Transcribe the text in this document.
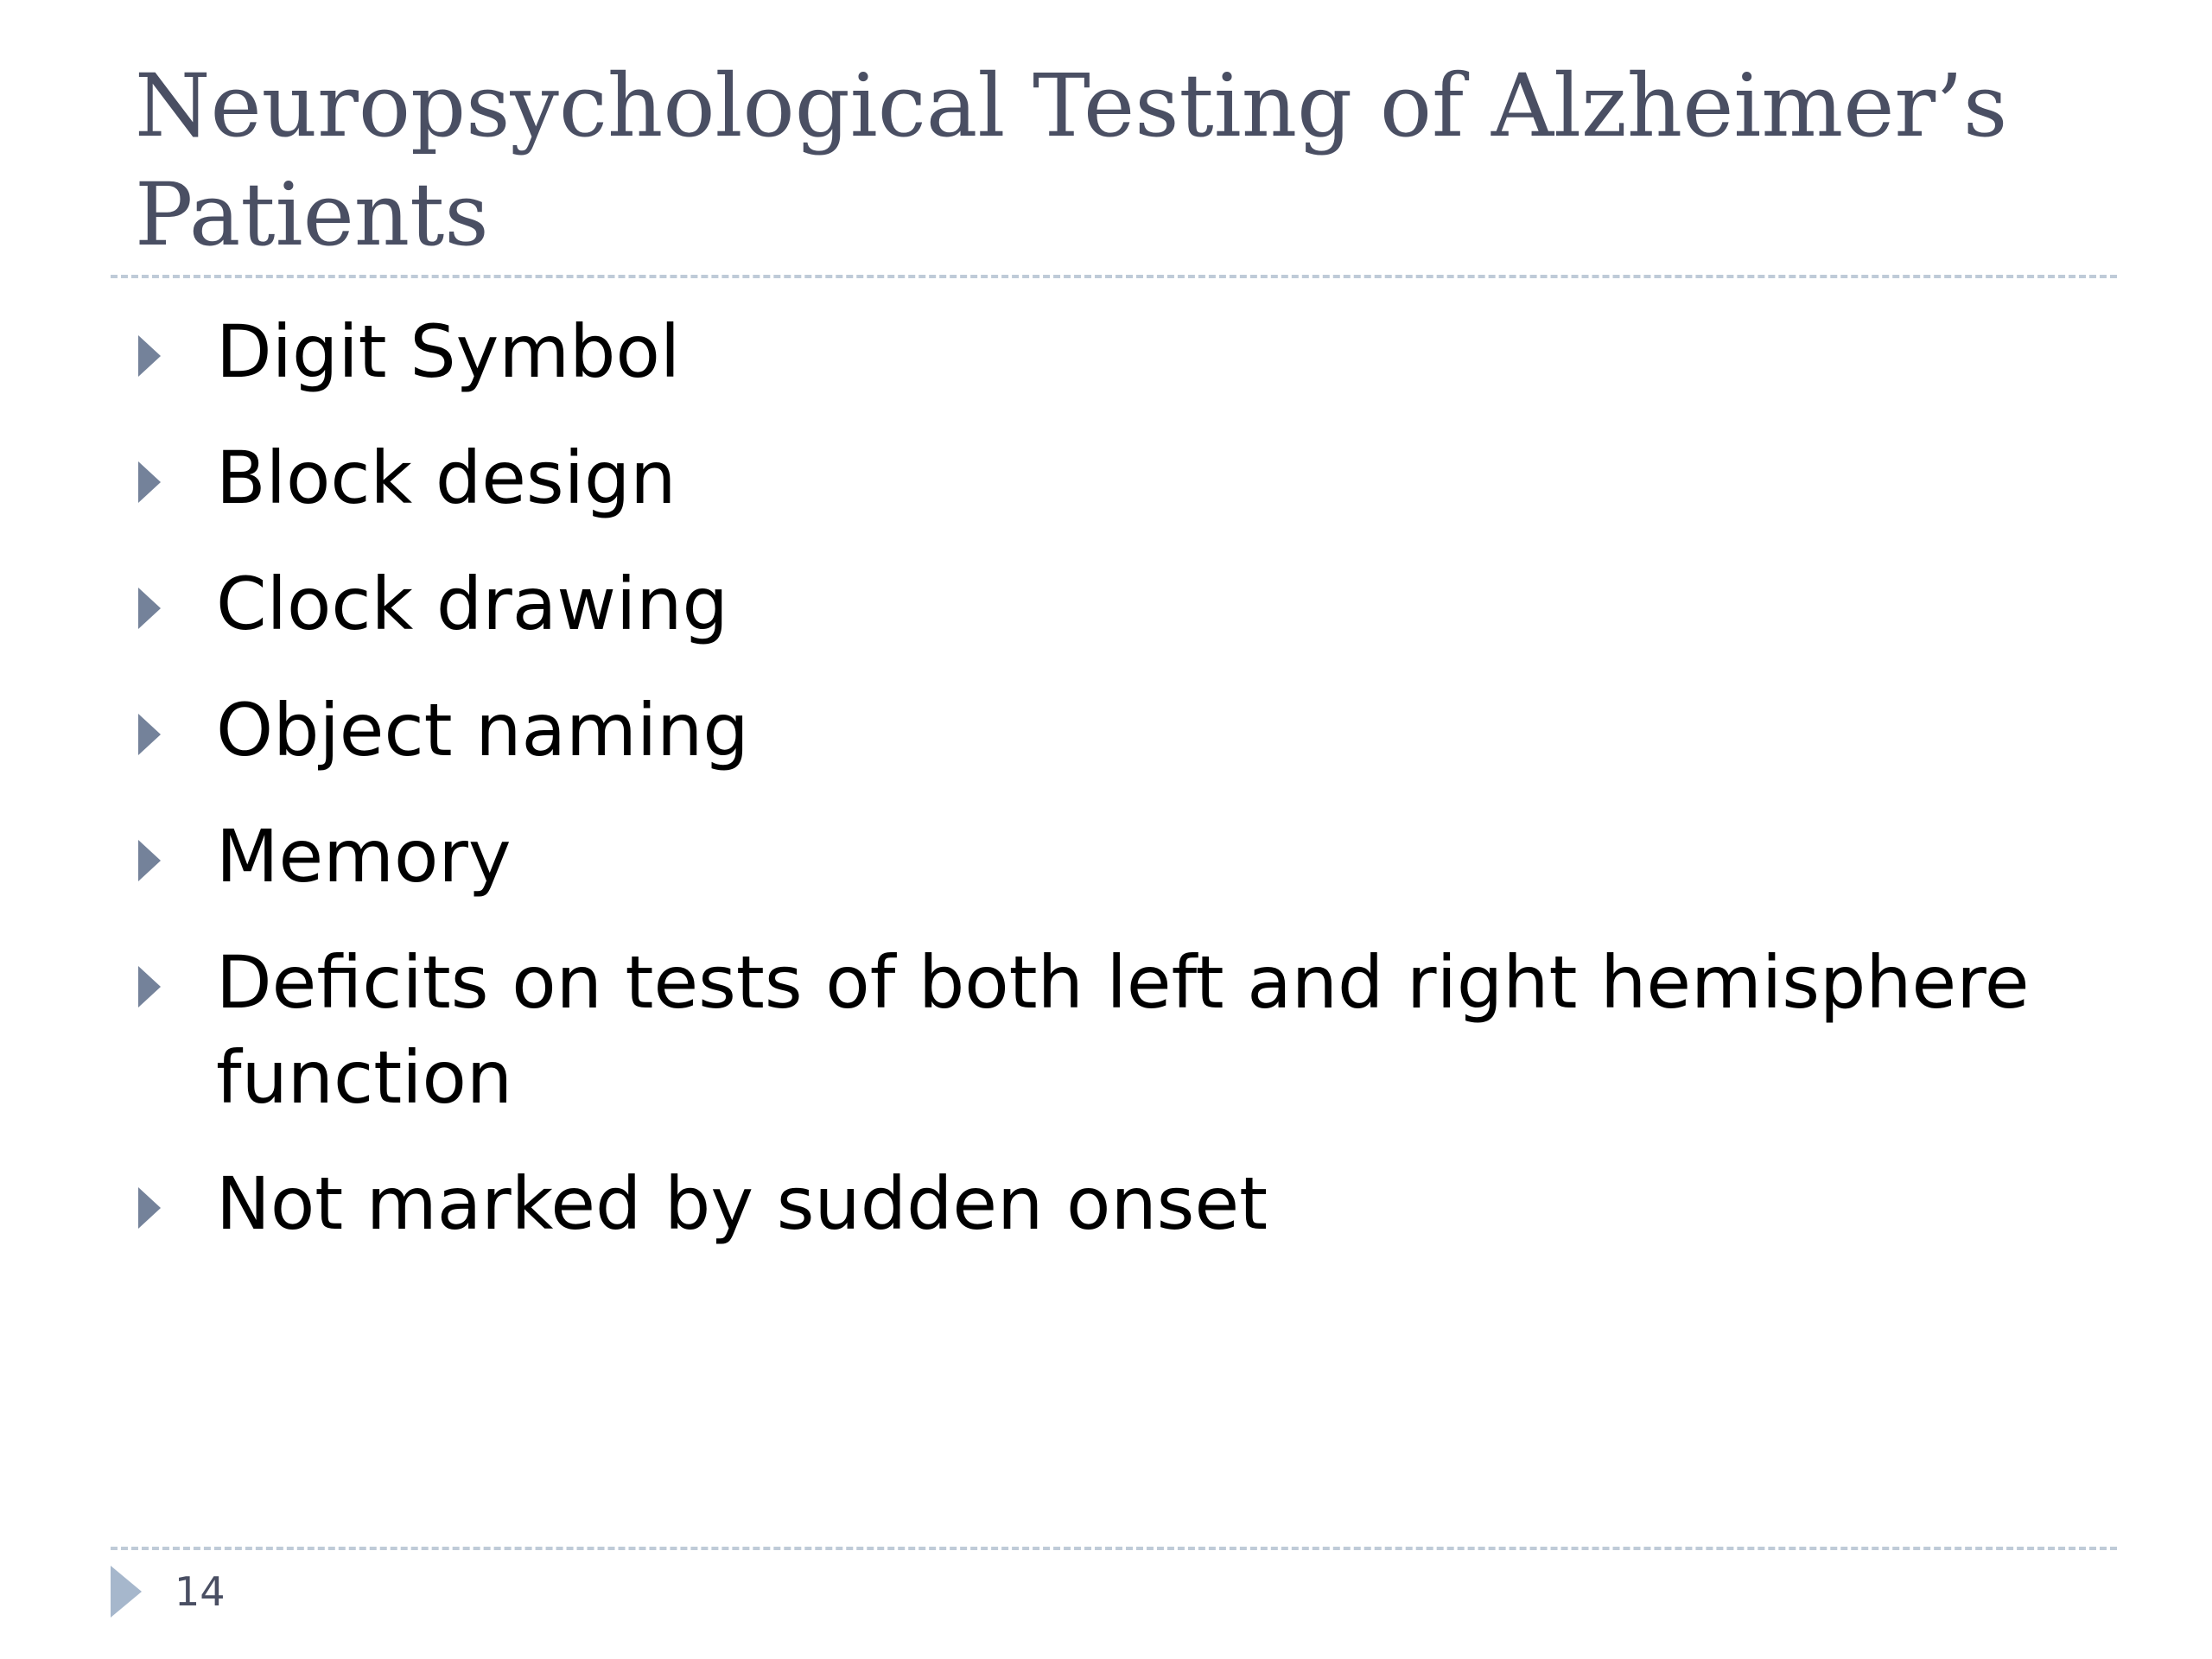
Neuropsychological Testing of Alzheimer’s Patients
Digit Symbol
Block design
Clock drawing
Object naming
Memory
Deficits on tests of both left and right hemisphere function
Not marked by sudden onset
14
